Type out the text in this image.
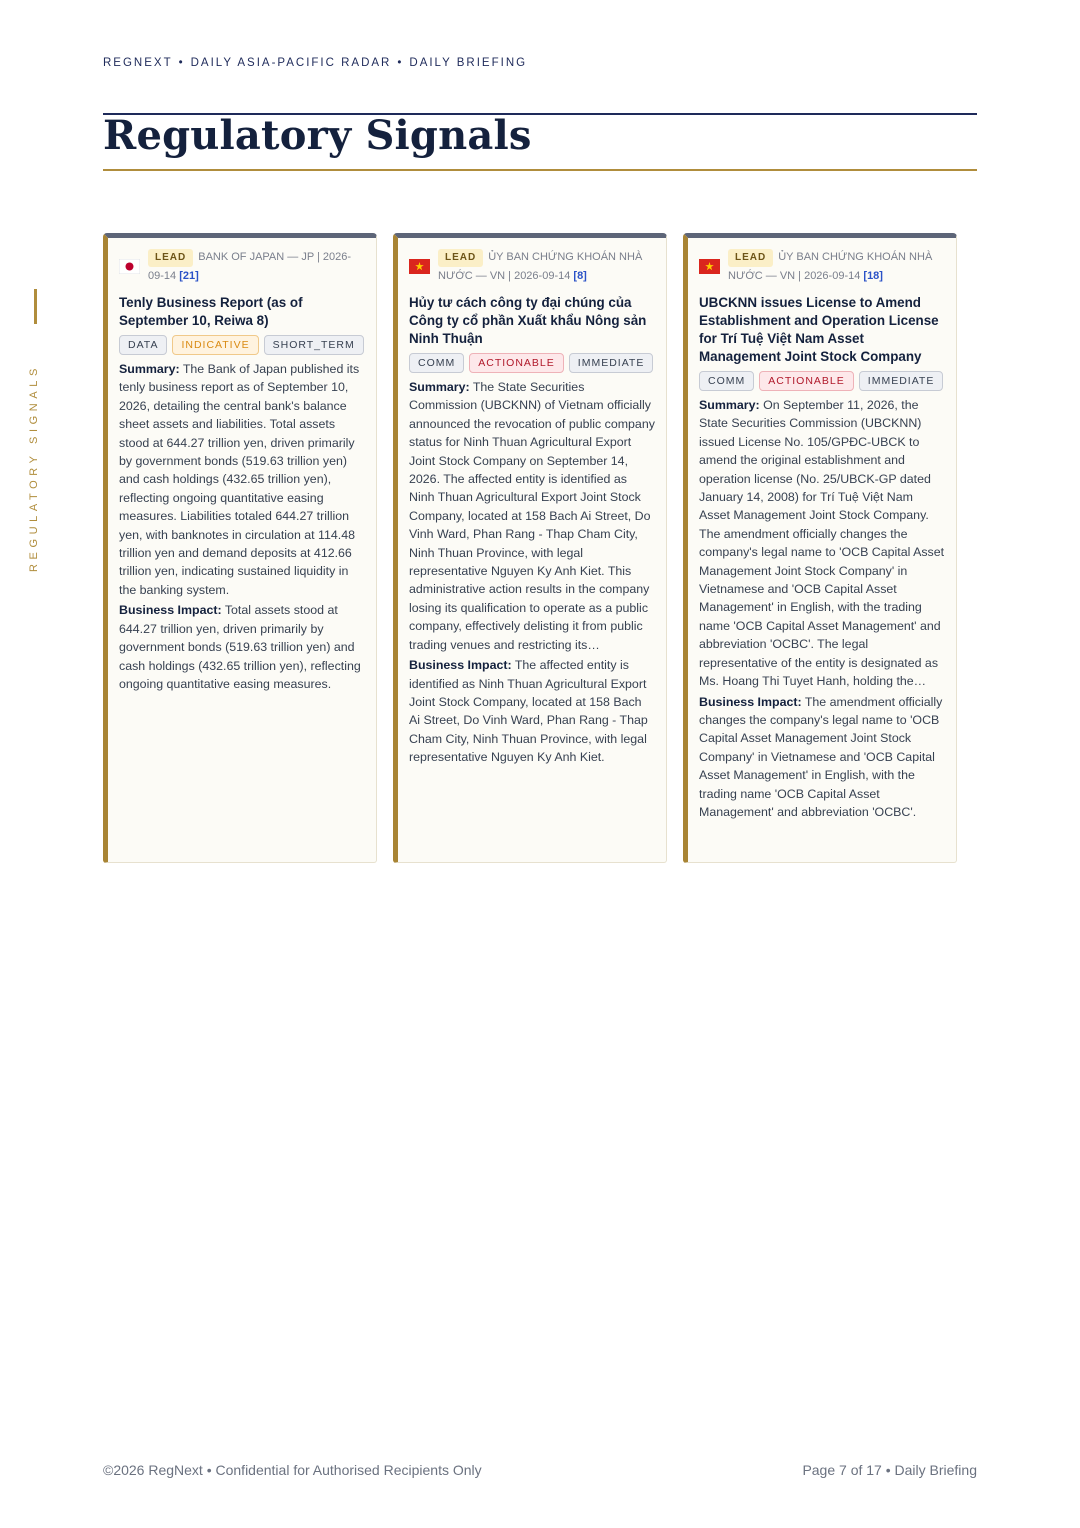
REGNEXT • DAILY ASIA-PACIFIC RADAR • DAILY BRIEFING
Regulatory Signals
REGULATORY SIGNALS
LEAD BANK OF JAPAN — JP | 2026-09-14 [21]
Tenly Business Report (as of September 10, Reiwa 8)
DATA	INDICATIVE	SHORT_TERM

Summary: The Bank of Japan published its tenly business report as of September 10, 2026, detailing the central bank's balance sheet assets and liabilities. Total assets stood at 644.27 trillion yen, driven primarily by government bonds (519.63 trillion yen) and cash holdings (432.65 trillion yen), reflecting ongoing quantitative easing measures. Liabilities totaled 644.27 trillion yen, with banknotes in circulation at 114.48 trillion yen and demand deposits at 412.66 trillion yen, indicating sustained liquidity in the banking system.

Business Impact: Total assets stood at 644.27 trillion yen, driven primarily by government bonds (519.63 trillion yen) and cash holdings (432.65 trillion yen), reflecting ongoing quantitative easing measures.

LEAD ỦY BAN CHỨNG KHOÁN NHÀ NƯỚC — VN | 2026-09-14 [8]
Hủy tư cách công ty đại chúng của Công ty cổ phần Xuất khẩu Nông sản Ninh Thuận
COMM	ACTIONABLE	IMMEDIATE

Summary: The State Securities Commission (UBCKNN) of Vietnam officially announced the revocation of public company status for Ninh Thuan Agricultural Export Joint Stock Company on September 14, 2026. The affected entity is identified as Ninh Thuan Agricultural Export Joint Stock Company, located at 158 Bach Ai Street, Do Vinh Ward, Phan Rang - Thap Cham City, Ninh Thuan Province, with legal representative Nguyen Ky Anh Kiet. This administrative action results in the company losing its qualification to operate as a public company, effectively delisting it from public trading venues and restricting its…

Business Impact: The affected entity is identified as Ninh Thuan Agricultural Export Joint Stock Company, located at 158 Bach Ai Street, Do Vinh Ward, Phan Rang - Thap Cham City, Ninh Thuan Province, with legal representative Nguyen Ky Anh Kiet.

LEAD ỦY BAN CHỨNG KHOÁN NHÀ NƯỚC — VN | 2026-09-14 [18]
UBCKNN issues License to Amend Establishment and Operation License for Trí Tuệ Việt Nam Asset Management Joint Stock Company
COMM	ACTIONABLE	IMMEDIATE

Summary: On September 11, 2026, the State Securities Commission (UBCKNN) issued License No. 105/GPĐC-UBCK to amend the original establishment and operation license (No. 25/UBCK-GP dated January 14, 2008) for Trí Tuệ Việt Nam Asset Management Joint Stock Company. The amendment officially changes the company's legal name to 'OCB Capital Asset Management Joint Stock Company' in Vietnamese and 'OCB Capital Asset Management' in English, with the trading name 'OCB Capital Asset Management' and abbreviation 'OCBC'. The legal representative of the entity is designated as Ms. Hoang Thi Tuyet Hanh, holding the…

Business Impact: The amendment officially changes the company's legal name to 'OCB Capital Asset Management Joint Stock Company' in Vietnamese and 'OCB Capital Asset Management' in English, with the trading name 'OCB Capital Asset Management' and abbreviation 'OCBC'.

©2026 RegNext • Confidential for Authorised Recipients Only	Page 7 of 17 • Daily Briefing
